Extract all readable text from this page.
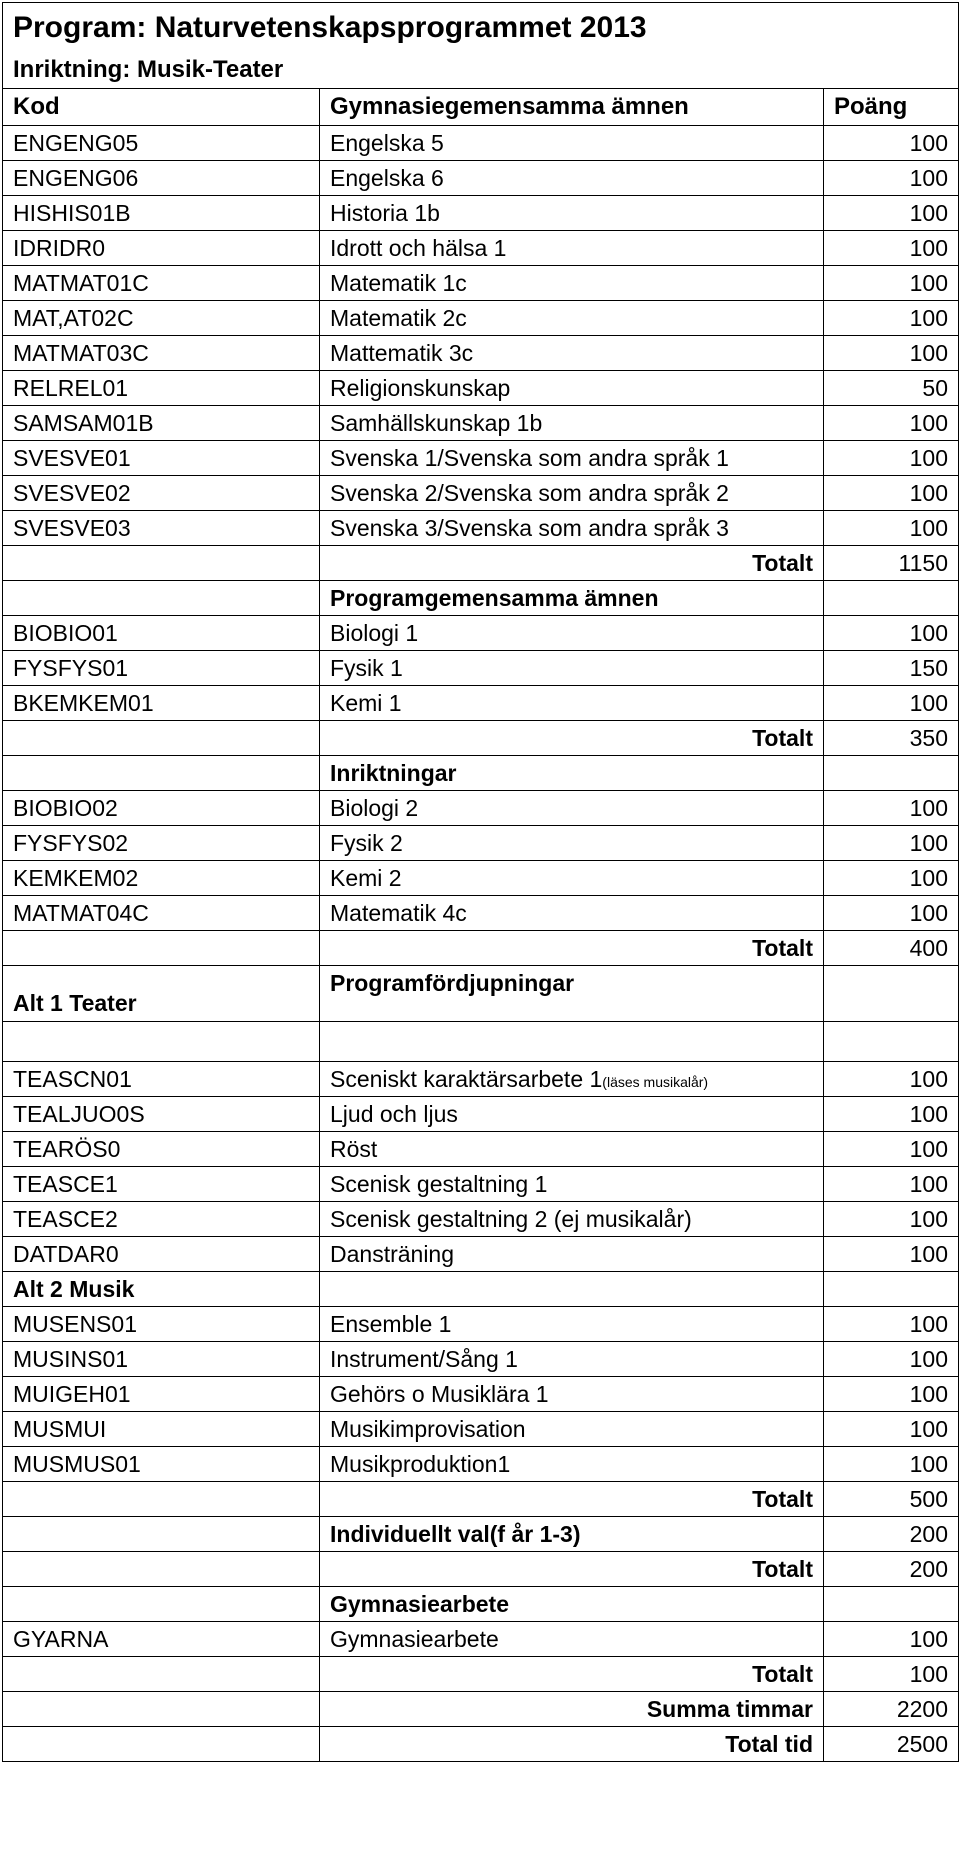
Program: Naturvetenskapsprogrammet 2013		
Inriktning: Musik-Teater		
Kod	Gymnasiegemensamma ämnen	Poäng
ENGENG05	Engelska 5	100
ENGENG06	Engelska 6	100
HISHIS01B	Historia 1b	100
IDRIDR0	Idrott och hälsa 1	100
MATMAT01C	Matematik 1c	100
MAT,AT02C	Matematik 2c	100
MATMAT03C	Mattematik 3c	100
RELREL01	Religionskunskap	50
SAMSAM01B	Samhällskunskap 1b	100
SVESVE01	Svenska 1/Svenska som andra språk 1	100
SVESVE02	Svenska 2/Svenska som andra språk 2	100
SVESVE03	Svenska 3/Svenska som andra språk 3	100
	Totalt	1150
	Programgemensamma ämnen	
BIOBIO01	Biologi 1	100
FYSFYS01	Fysik 1	150
BKEMKEM01	Kemi 1	100
	Totalt	350
	Inriktningar	
BIOBIO02	Biologi 2	100
FYSFYS02	Fysik 2	100
KEMKEM02	Kemi 2	100
MATMAT04C	Matematik 4c	100
	Totalt	400
Alt 1 Teater	Programfördjupningar	

TEASCN01	Sceniskt karaktärsarbete 1(läses musikalår)	100
TEALJUO0S	Ljud och ljus	100
TEARÖS0	Röst	100
TEASCE1	Scenisk gestaltning 1	100
TEASCE2	Scenisk gestaltning 2 (ej musikalår)	100
DATDAR0	Dansträning	100
Alt 2 Musik		
MUSENS01	Ensemble 1	100
MUSINS01	Instrument/Sång 1	100
MUIGEH01	Gehörs o Musiklära 1	100
MUSMUI	Musikimprovisation	100
MUSMUS01	Musikproduktion1	100
	Totalt	500
	Individuellt val(f år 1-3)	200
	Totalt	200
	Gymnasiearbete	
GYARNA	Gymnasiearbete	100
	Totalt	100
	Summa timmar	2200
	Total tid	2500
